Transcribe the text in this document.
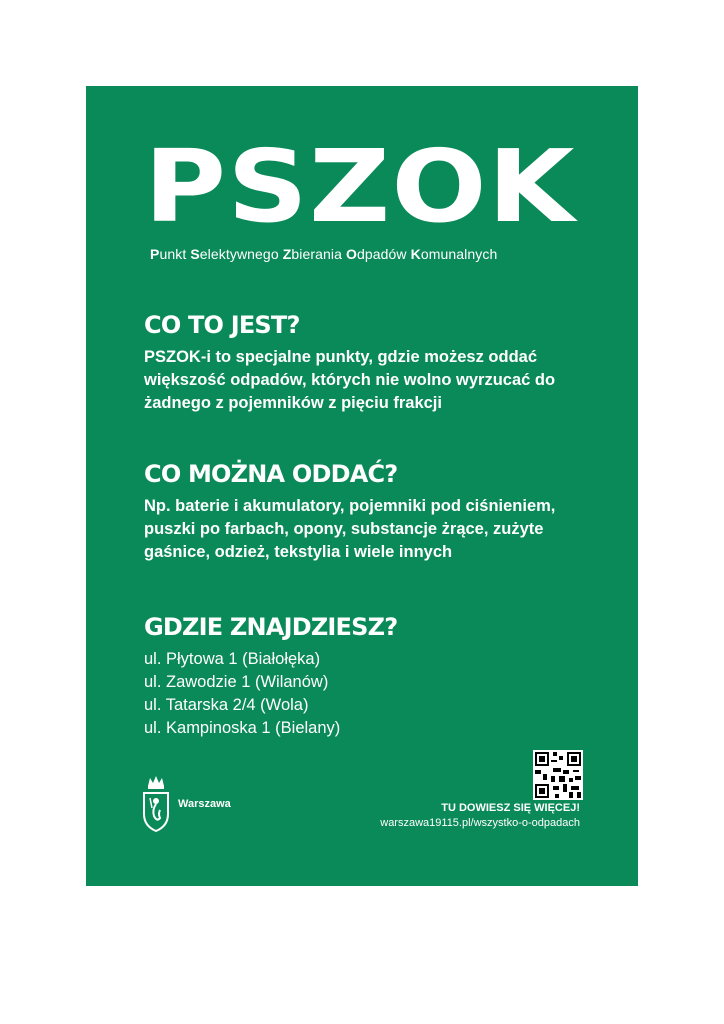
PSZOK
Punkt Selektywnego Zbierania Odpadów Komunalnych
CO TO JEST?

PSZOK-i to specjalne punkty, gdzie możesz oddać większość odpadów, których nie wolno wyrzucać do żadnego z pojemników z pięciu frakcji

CO MOŻNA ODDAĆ?

Np. baterie i akumulatory, pojemniki pod ciśnieniem, puszki po farbach, opony, substancje żrące, zużyte gaśnice, odzież, tekstylia i wiele innych

GDZIE ZNAJDZIESZ?
ul. Płytowa 1 (Białołęka)
ul. Zawodzie 1 (Wilanów)
ul. Tatarska 2/4 (Wola)
ul. Kampinoska 1 (Bielany)
Warszawa	TU DOWIESZ SIĘ WIĘCEJ!
warszawa19115.pl/wszystko-o-odpadach
